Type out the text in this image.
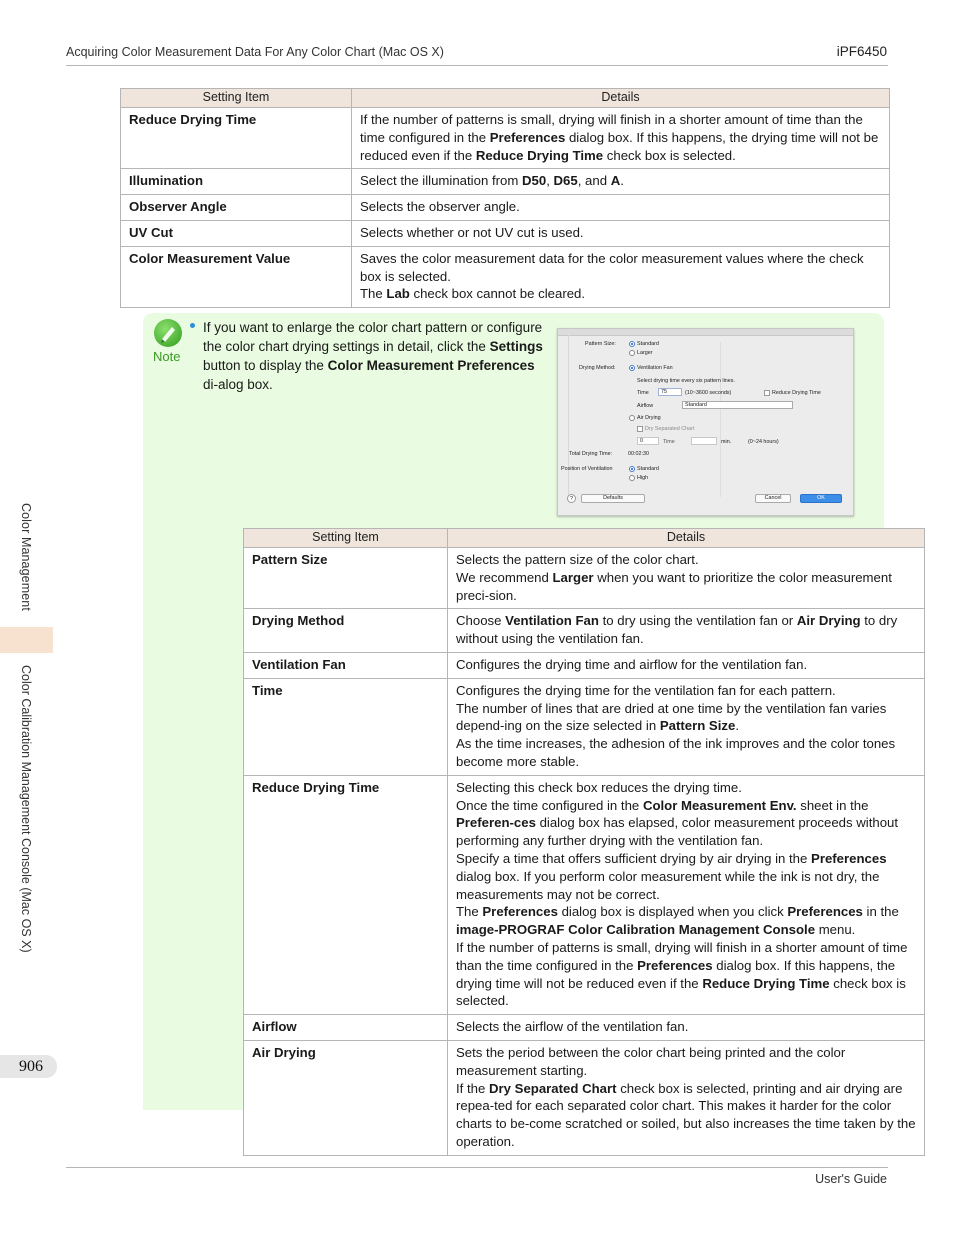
Acquiring Color Measurement Data For Any Color Chart (Mac OS X)	iPF6450
Color Management
Color Calibration Management Console (Mac OS X)
906
Setting Item	Details
Reduce Drying Time	If the number of patterns is small, drying will finish in a shorter amount of time than the time configured in the Preferences dialog box. If this happens, the drying time will not be reduced even if the Reduce Drying Time check box is selected.

Illumination	Select the illumination from D50, D65, and A.

Observer Angle	Selects the observer angle.

UV Cut	Selects whether or not UV cut is used.

Color Measurement Value	Saves the color measurement data for the color measurement values where the check box is selected.
The Lab check box cannot be cleared.
Note
If you want to enlarge the color chart pattern or configure the color chart drying settings in detail, click the Settings button to display the Color Measurement Preferences di-alog box.
Pattern Size:	Standard
Larger
Drying Method:	Ventilation Fan
Select drying time every six pattern lines.
Time	75	(10~3600 seconds)	Reduce Drying Time
Airflow	Standard
Air Drying
Dry Separated Chart
0	Time	min.	(0~24 hours)
Total Drying Time:	00:02:30
Position of Ventilation	Standard
High
?	Defaults	Cancel	OK
Setting Item	Details
Pattern Size	Selects the pattern size of the color chart.
We recommend Larger when you want to prioritize the color measurement preci-sion.

Drying Method	Choose Ventilation Fan to dry using the ventilation fan or Air Drying to dry without using the ventilation fan.

Ventilation Fan	Configures the drying time and airflow for the ventilation fan.

Time	Configures the drying time for the ventilation fan for each pattern.
The number of lines that are dried at one time by the ventilation fan varies depend-ing on the size selected in Pattern Size.
As the time increases, the adhesion of the ink improves and the color tones become more stable.

Reduce Drying Time	Selecting this check box reduces the drying time.
Once the time configured in the Color Measurement Env. sheet in the Preferen-ces dialog box has elapsed, color measurement proceeds without performing any further drying with the ventilation fan.
Specify a time that offers sufficient drying by air drying in the Preferences dialog box. If you perform color measurement while the ink is not dry, the measurements may not be correct.
The Preferences dialog box is displayed when you click Preferences in the image-PROGRAF Color Calibration Management Console menu.
If the number of patterns is small, drying will finish in a shorter amount of time than the time configured in the Preferences dialog box. If this happens, the drying time will not be reduced even if the Reduce Drying Time check box is selected.

Airflow	Selects the airflow of the ventilation fan.

Air Drying	Sets the period between the color chart being printed and the color measurement starting.
If the Dry Separated Chart check box is selected, printing and air drying are repea-ted for each separated color chart. This makes it harder for the color charts to be-come scratched or soiled, but also increases the time taken by the operation.
User's Guide
